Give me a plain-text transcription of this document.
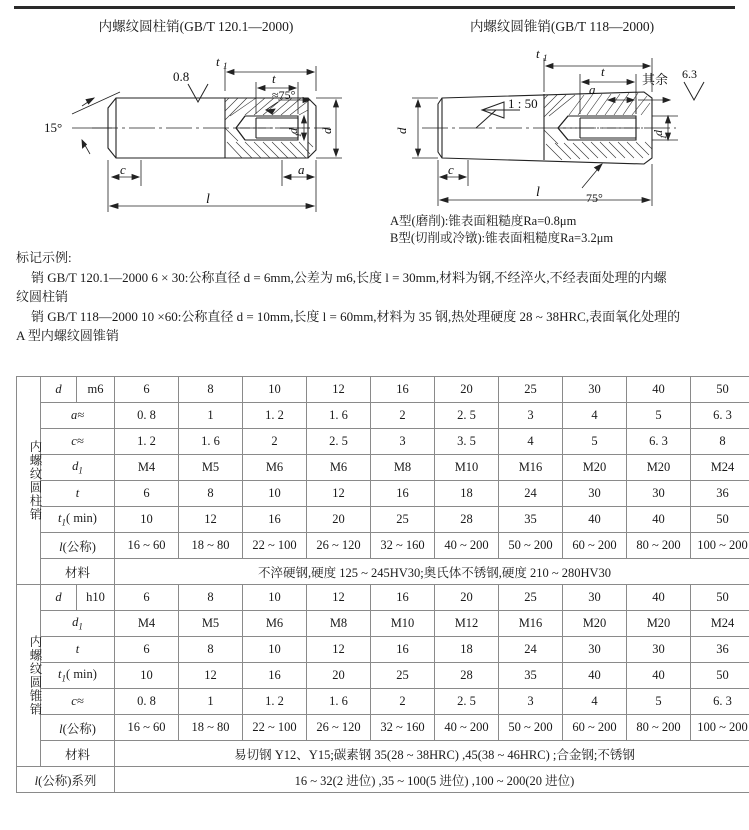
内螺纹圆柱销(GB/T 120.1—2000)
t 1
t
≈75°
d
1
d
c	a
l
15°
0.8
内螺纹圆锥销(GB/T 118—2000)
t 1
t
a
d
1
d
c
l	75°
1 : 50
其余 6.3
A型(磨削):锥表面粗糙度Ra=0.8μm
B型(切削或冷镦):锥表面粗糙度Ra=3.2μm

标记示例:

销 GB/T 120.1—2000 6 × 30:公称直径 d = 6mm,公差为 m6,长度 l = 30mm,材料为钢,不经淬火,不经表面处理的内螺

纹圆柱销

销 GB/T 118—2000 10 ×60:公称直径 d = 10mm,长度 l = 60mm,材料为 35 钢,热处理硬度 28 ~ 38HRC,表面氧化处理的

A 型内螺纹圆锥销

内螺纹圆柱销	d	m6	6	8	10	12	16	20	25	30	40	50
	a≈		0. 8	1	1. 2	1. 6	2	2. 5	3	4	5	6. 3
	c≈		1. 2	1. 6	2	2. 5	3	3. 5	4	5	6. 3	8
	$d_1$		M4	M5	M6	M6	M8	M10	M16	M20	M20	M24
	t		6	8	10	12	16	18	24	30	30	36
	$t_1$( min)		10	12	16	20	25	28	35	40	40	50
	l(公称)		16 ~ 60	18 ~ 80	22 ~ 100	26 ~ 120	32 ~ 160	40 ~ 200	50 ~ 200	60 ~ 200	80 ~ 200	100 ~ 200
	材料		不淬硬钢,硬度 125 ~ 245HV30;奥氏体不锈钢,硬度 210 ~ 280HV30									

内螺纹圆锥销	d	h10	6	8	10	12	16	20	25	30	40	50
	$d_1$		M4	M5	M6	M8	M10	M12	M16	M20	M20	M24
	t		6	8	10	12	16	18	24	30	30	36
	$t_1$( min)		10	12	16	20	25	28	35	40	40	50
	c≈		0. 8	1	1. 2	1. 6	2	2. 5	3	4	5	6. 3
	l(公称)		16 ~ 60	18 ~ 80	22 ~ 100	26 ~ 120	32 ~ 160	40 ~ 200	50 ~ 200	60 ~ 200	80 ~ 200	100 ~ 200
	材料		易切钢 Y12、Y15;碳素钢 35(28 ~ 38HRC) ,45(38 ~ 46HRC) ;合金钢;不锈钢									
l(公称)系列			16 ~ 32(2 进位) ,35 ~ 100(5 进位) ,100 ~ 200(20 进位)									
